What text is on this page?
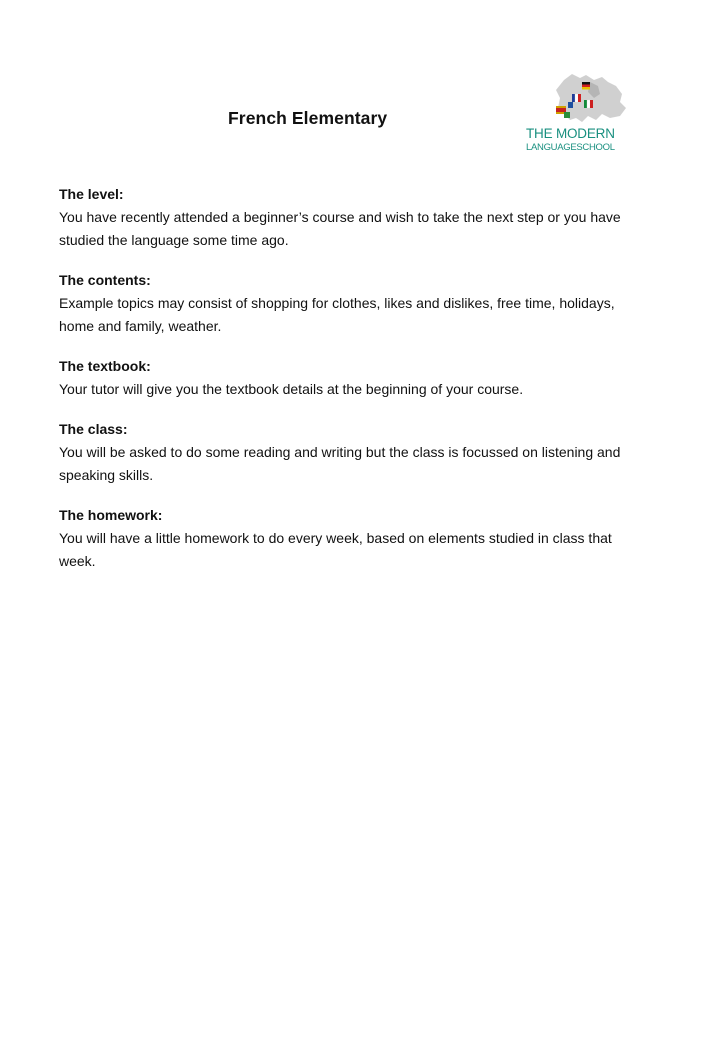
French Elementary
THE MODERN
LANGUAGESCHOOL

The level:

You have recently attended a beginner’s course and wish to take the next step or you have

studied the language some time ago.

The contents:

Example topics may consist of shopping for clothes, likes and dislikes, free time, holidays,

home and family, weather.

The textbook:

Your tutor will give you the textbook details at the beginning of your course.

The class:

You will be asked to do some reading and writing but the class is focussed on listening and

speaking skills.

The homework:

You will have a little homework to do every week, based on elements studied in class that

week.
